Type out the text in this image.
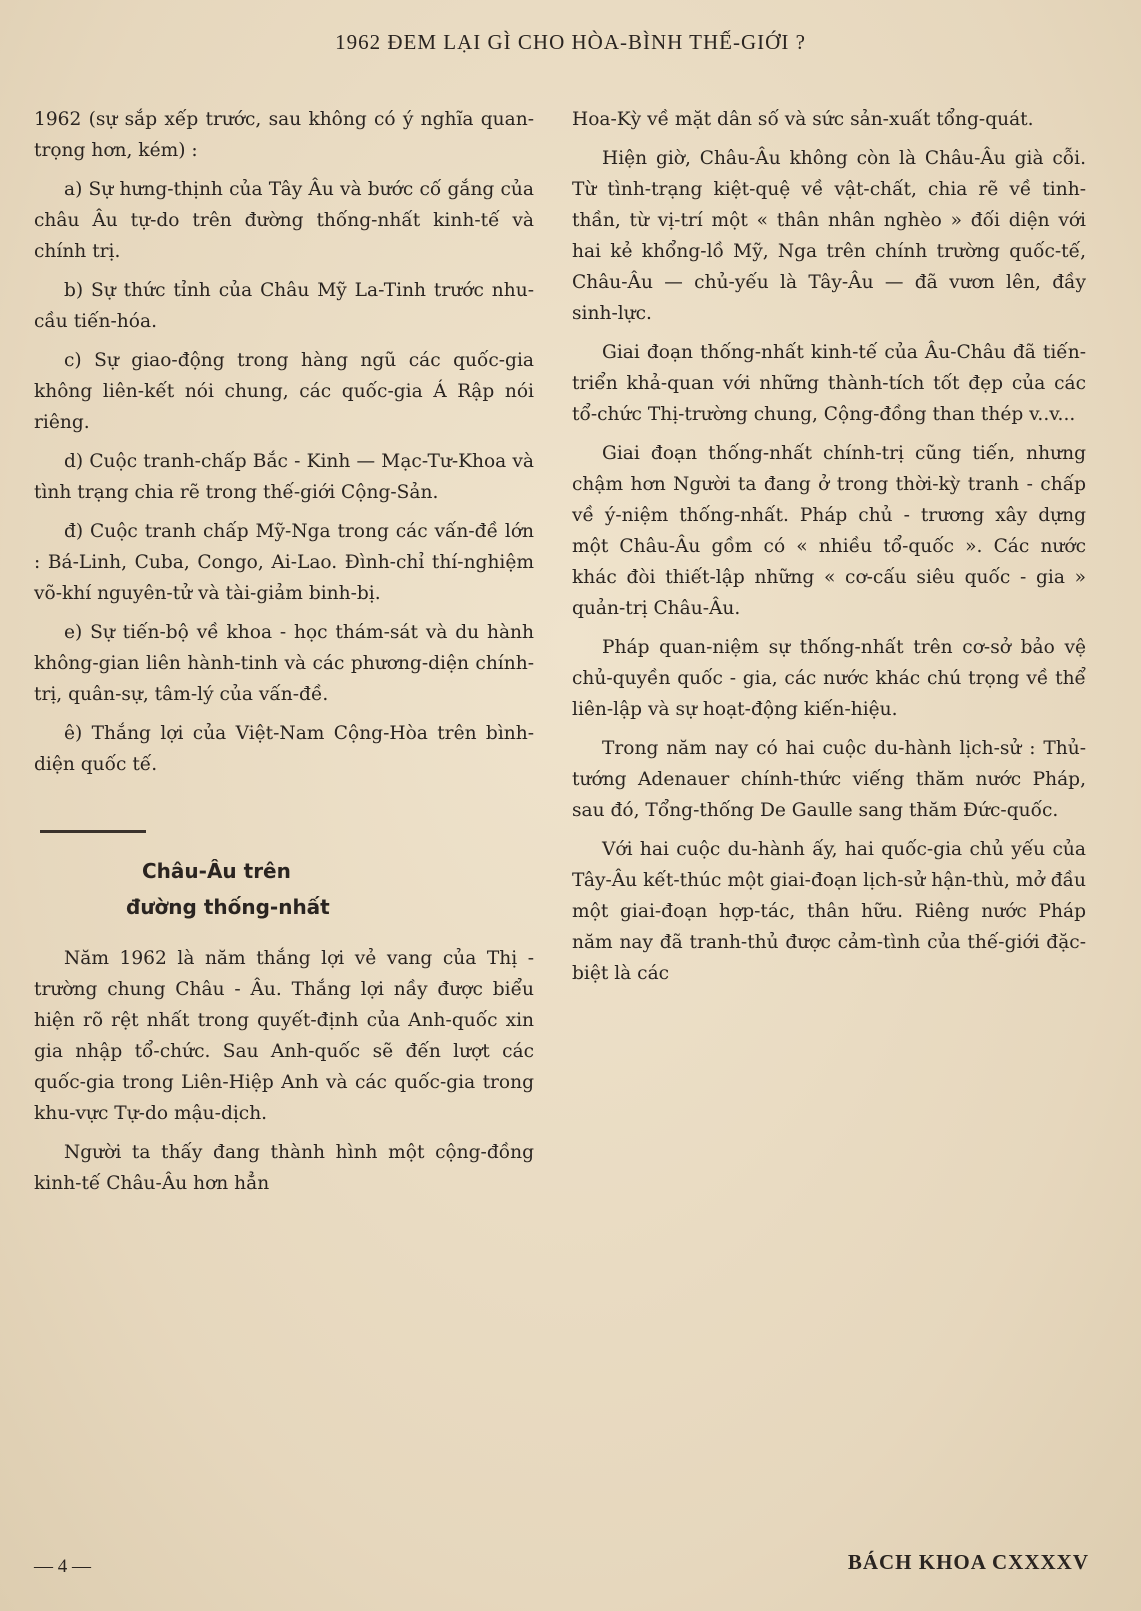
1962 ĐEM LẠI GÌ CHO HÒA-BÌNH THẾ-GIỚI ?

1962 (sự sắp xếp trước, sau không có ý nghĩa quan-trọng hơn, kém) :

a) Sự hưng-thịnh của Tây Âu và bước cố gắng của châu Âu tự-do trên đường thống-nhất kinh-tế và chính trị.

b) Sự thức tỉnh của Châu Mỹ La-Tinh trước nhu-cầu tiến-hóa.

c) Sự giao-động trong hàng ngũ các quốc-gia không liên-kết nói chung, các quốc-gia Á Rập nói riêng.

d) Cuộc tranh-chấp Bắc - Kinh — Mạc-Tư-Khoa và tình trạng chia rẽ trong thế-giới Cộng-Sản.

đ) Cuộc tranh chấp Mỹ-Nga trong các vấn-đề lớn : Bá-Linh, Cuba, Congo, Ai-Lao. Đình-chỉ thí-nghiệm võ-khí nguyên-tử và tài-giảm binh-bị.

e) Sự tiến-bộ về khoa - học thám-sát và du hành không-gian liên hành-tinh và các phương-diện chính-trị, quân-sự, tâm-lý của vấn-đề.

ê) Thắng lợi của Việt-Nam Cộng-Hòa trên bình-diện quốc tế.

Châu-Âu trên
đường thống-nhất

Năm 1962 là năm thắng lợi vẻ vang của Thị - trường chung Châu - Âu. Thắng lợi nầy được biểu hiện rõ rệt nhất trong quyết-định của Anh-quốc xin gia nhập tổ-chức. Sau Anh-quốc sẽ đến lượt các quốc-gia trong Liên-Hiệp Anh và các quốc-gia trong khu-vực Tự-do mậu-dịch.

Người ta thấy đang thành hình một cộng-đồng kinh-tế Châu-Âu hơn hẳn

Hoa-Kỳ về mặt dân số và sức sản-xuất tổng-quát.

Hiện giờ, Châu-Âu không còn là Châu-Âu già cỗi. Từ tình-trạng kiệt-quệ về vật-chất, chia rẽ về tinh-thần, từ vị-trí một « thân nhân nghèo » đối diện với hai kẻ khổng-lồ Mỹ, Nga trên chính trường quốc-tế, Châu-Âu — chủ-yếu là Tây-Âu — đã vươn lên, đầy sinh-lực.

Giai đoạn thống-nhất kinh-tế của Âu-Châu đã tiến-triển khả-quan với những thành-tích tốt đẹp của các tổ-chức Thị-trường chung, Cộng-đồng than thép v..v...

Giai đoạn thống-nhất chính-trị cũng tiến, nhưng chậm hơn Người ta đang ở trong thời-kỳ tranh - chấp về ý-niệm thống-nhất. Pháp chủ - trương xây dựng một Châu-Âu gồm có « nhiều tổ-quốc ». Các nước khác đòi thiết-lập những « cơ-cấu siêu quốc - gia » quản-trị Châu-Âu.

Pháp quan-niệm sự thống-nhất trên cơ-sở bảo vệ chủ-quyền quốc - gia, các nước khác chú trọng về thể liên-lập và sự hoạt-động kiến-hiệu.

Trong năm nay có hai cuộc du-hành lịch-sử : Thủ-tướng Adenauer chính-thức viếng thăm nước Pháp, sau đó, Tổng-thống De Gaulle sang thăm Đức-quốc.

Với hai cuộc du-hành ấy, hai quốc-gia chủ yếu của Tây-Âu kết-thúc một giai-đoạn lịch-sử hận-thù, mở đầu một giai-đoạn hợp-tác, thân hữu. Riêng nước Pháp năm nay đã tranh-thủ được cảm-tình của thế-giới đặc-biệt là các

— 4 —	BÁCH KHOA CXXXXV
